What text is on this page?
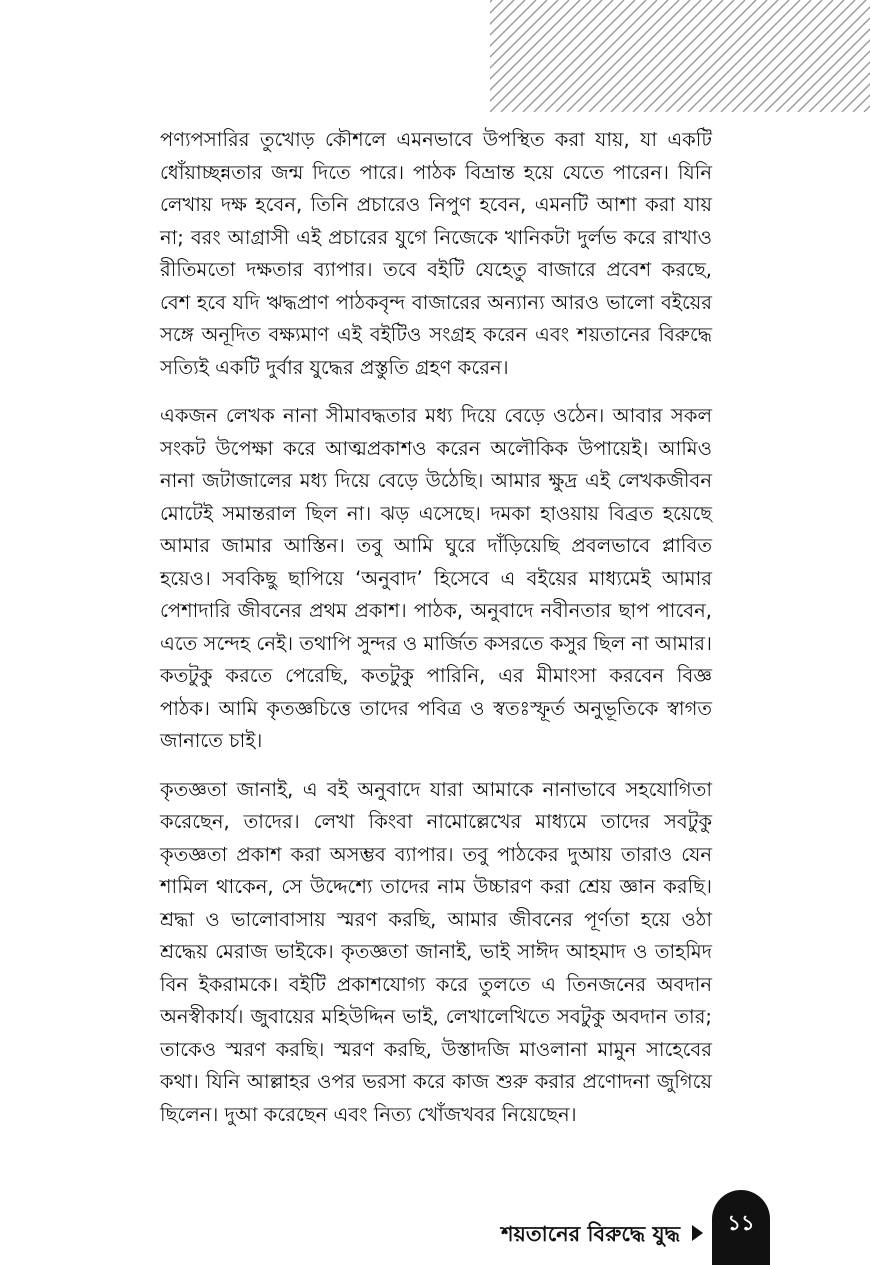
পণ্যপসারির তুখোড় কৌশলে এমনভাবে উপস্থিত করা যায়, যা একটি ধোঁয়াচ্ছন্নতার জন্ম দিতে পারে। পাঠক বিভ্রান্ত হয়ে যেতে পারেন। যিনি লেখায় দক্ষ হবেন, তিনি প্রচারেও নিপুণ হবেন, এমনটি আশা করা যায় না; বরং আগ্রাসী এই প্রচারের যুগে নিজেকে খানিকটা দুর্লভ করে রাখাও রীতিমতো দক্ষতার ব্যাপার। তবে বইটি যেহেতু বাজারে প্রবেশ করছে, বেশ হবে যদি ঋদ্ধপ্রাণ পাঠকবৃন্দ বাজারের অন্যান্য আরও ভালো বইয়ের সঙ্গে অনূদিত বক্ষ্যমাণ এই বইটিও সংগ্রহ করেন এবং শয়তানের বিরুদ্ধে সত্যিই একটি দুর্বার যুদ্ধের প্রস্তুতি গ্রহণ করেন।

একজন লেখক নানা সীমাবদ্ধতার মধ্য দিয়ে বেড়ে ওঠেন। আবার সকল সংকট উপেক্ষা করে আত্মপ্রকাশও করেন অলৌকিক উপায়েই। আমিও নানা জটাজালের মধ্য দিয়ে বেড়ে উঠেছি। আমার ক্ষুদ্র এই লেখকজীবন মোটেই সমান্তরাল ছিল না। ঝড় এসেছে। দমকা হাওয়ায় বিব্রত হয়েছে আমার জামার আস্তিন। তবু আমি ঘুরে দাঁড়িয়েছি প্রবলভাবে প্লাবিত হয়েও। সবকিছু ছাপিয়ে ‘অনুবাদ’ হিসেবে এ বইয়ের মাধ্যমেই আমার পেশাদারি জীবনের প্রথম প্রকাশ। পাঠক, অনুবাদে নবীনতার ছাপ পাবেন, এতে সন্দেহ নেই। তথাপি সুন্দর ও মার্জিত কসরতে কসুর ছিল না আমার। কতটুকু করতে পেরেছি, কতটুকু পারিনি, এর মীমাংসা করবেন বিজ্ঞ পাঠক। আমি কৃতজ্ঞচিত্তে তাদের পবিত্র ও স্বতঃস্ফূর্ত অনুভূতিকে স্বাগত জানাতে চাই।

কৃতজ্ঞতা জানাই, এ বই অনুবাদে যারা আমাকে নানাভাবে সহযোগিতা করেছেন, তাদের। লেখা কিংবা নামোল্লেখের মাধ্যমে তাদের সবটুকু কৃতজ্ঞতা প্রকাশ করা অসম্ভব ব্যাপার। তবু পাঠকের দুআয় তারাও যেন শামিল থাকেন, সে উদ্দেশ্যে তাদের নাম উচ্চারণ করা শ্রেয় জ্ঞান করছি। শ্রদ্ধা ও ভালোবাসায় স্মরণ করছি, আমার জীবনের পূর্ণতা হয়ে ওঠা শ্রদ্ধেয় মেরাজ ভাইকে। কৃতজ্ঞতা জানাই, ভাই সাঈদ আহমাদ ও তাহমিদ বিন ইকরামকে। বইটি প্রকাশযোগ্য করে তুলতে এ তিনজনের অবদান অনস্বীকার্য। জুবায়ের মহিউদ্দিন ভাই, লেখালেখিতে সবটুকু অবদান তার; তাকেও স্মরণ করছি। স্মরণ করছি, উস্তাদজি মাওলানা মামুন সাহেবের কথা। যিনি আল্লাহর ওপর ভরসা করে কাজ শুরু করার প্রণোদনা জুগিয়ে ছিলেন। দুআ করেছেন এবং নিত্য খোঁজখবর নিয়েছেন।

শয়তানের বিরুদ্ধে যুদ্ধ	১১
